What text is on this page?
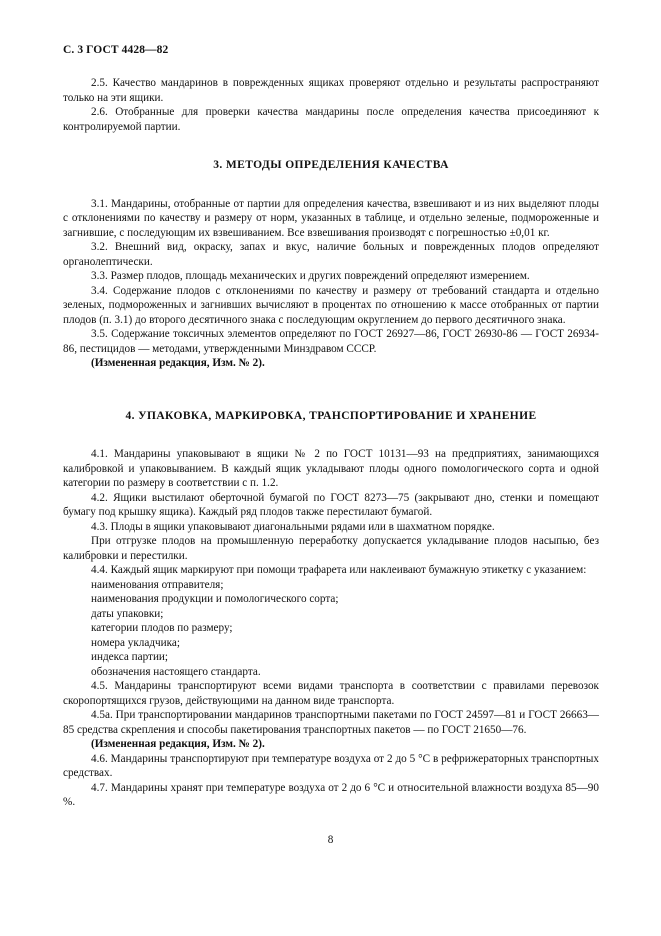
С. 3 ГОСТ 4428—82

2.5. Качество мандаринов в поврежденных ящиках проверяют отдельно и результаты распространяют только на эти ящики.

2.6. Отобранные для проверки качества мандарины после определения качества присоединяют к контролируемой партии.

3. МЕТОДЫ ОПРЕДЕЛЕНИЯ КАЧЕСТВА

3.1. Мандарины, отобранные от партии для определения качества, взвешивают и из них выделяют плоды с отклонениями по качеству и размеру от норм, указанных в таблице, и отдельно зеленые, подмороженные и загнившие, с последующим их взвешиванием. Все взвешивания производят с погрешностью ±0,01 кг.

3.2. Внешний вид, окраску, запах и вкус, наличие больных и поврежденных плодов определяют органолептически.

3.3. Размер плодов, площадь механических и других повреждений определяют измерением.

3.4. Содержание плодов с отклонениями по качеству и размеру от требований стандарта и отдельно зеленых, подмороженных и загнивших вычисляют в процентах по отношению к массе отобранных от партии плодов (п. 3.1) до второго десятичного знака с последующим округлением до первого десятичного знака.

3.5. Содержание токсичных элементов определяют по ГОСТ 26927—86, ГОСТ 26930-86 — ГОСТ 26934-86, пестицидов — методами, утвержденными Минздравом СССР.

(Измененная редакция, Изм. № 2).

4. УПАКОВКА, МАРКИРОВКА, ТРАНСПОРТИРОВАНИЕ И ХРАНЕНИЕ

4.1. Мандарины упаковывают в ящики № 2 по ГОСТ 10131—93 на предприятиях, занимающихся калибровкой и упаковыванием. В каждый ящик укладывают плоды одного помологического сорта и одной категории по размеру в соответствии с п. 1.2.

4.2. Ящики выстилают оберточной бумагой по ГОСТ 8273—75 (закрывают дно, стенки и помещают бумагу под крышку ящика). Каждый ряд плодов также перестилают бумагой.

4.3. Плоды в ящики упаковывают диагональными рядами или в шахматном порядке.

При отгрузке плодов на промышленную переработку допускается укладывание плодов насыпью, без калибровки и перестилки.

4.4. Каждый ящик маркируют при помощи трафарета или наклеивают бумажную этикетку с указанием:

наименования отправителя;

наименования продукции и помологического сорта;

даты упаковки;

категории плодов по размеру;

номера укладчика;

индекса партии;

обозначения настоящего стандарта.

4.5. Мандарины транспортируют всеми видами транспорта в соответствии с правилами перевозок скоропортящихся грузов, действующими на данном виде транспорта.

4.5а. При транспортировании мандаринов транспортными пакетами по ГОСТ 24597—81 и ГОСТ 26663—85 средства скрепления и способы пакетирования транспортных пакетов — по ГОСТ 21650—76.

(Измененная редакция, Изм. № 2).

4.6. Мандарины транспортируют при температуре воздуха от 2 до 5 °С в рефрижераторных транспортных средствах.

4.7. Мандарины хранят при температуре воздуха от 2 до 6 °С и относительной влажности воздуха 85—90 %.

8
